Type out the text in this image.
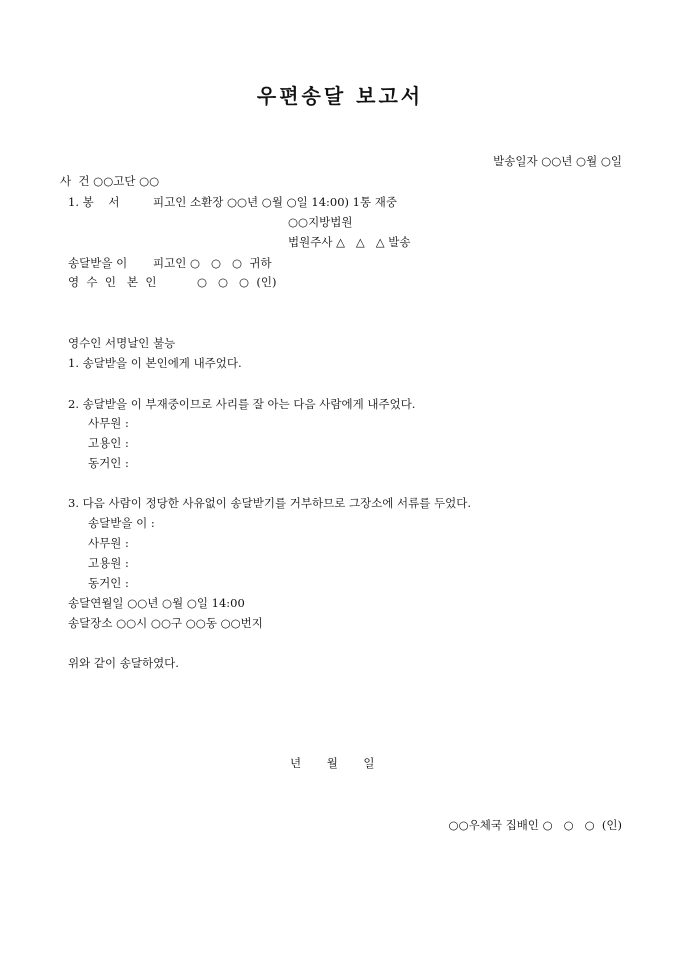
우편송달 보고서
발송일자 ○○년 ○월 ○일
사  건 ○○고단 ○○
1. 봉    서	피고인 소환장 ○○년 ○월 ○일 14:00) 1통 재중
○○지방법원
법원주사 △   △   △ 발송
송달받을 이 피고인 ○   ○   ○  귀하
영  수  인   본  인	○   ○   ○  (인)
영수인 서명날인 불능
1. 송달받을 이 본인에게 내주었다.
2. 송달받을 이 부재중이므로 사리를 잘 아는 다음 사람에게 내주었다.
사무원 :
고용인 :
동거인 :
3. 다음 사람이 정당한 사유없이 송달받기를 거부하므로 그장소에 서류를 두었다.
송달받을 이 :
사무원 :
고용원 :
동거인 :
송달연월일 ○○년 ○월 ○일 14:00
송달장소 ○○시 ○○구 ○○동 ○○번지
위와 같이 송달하였다.
년       월       일
○○우체국 집배인 ○   ○   ○  (인)
